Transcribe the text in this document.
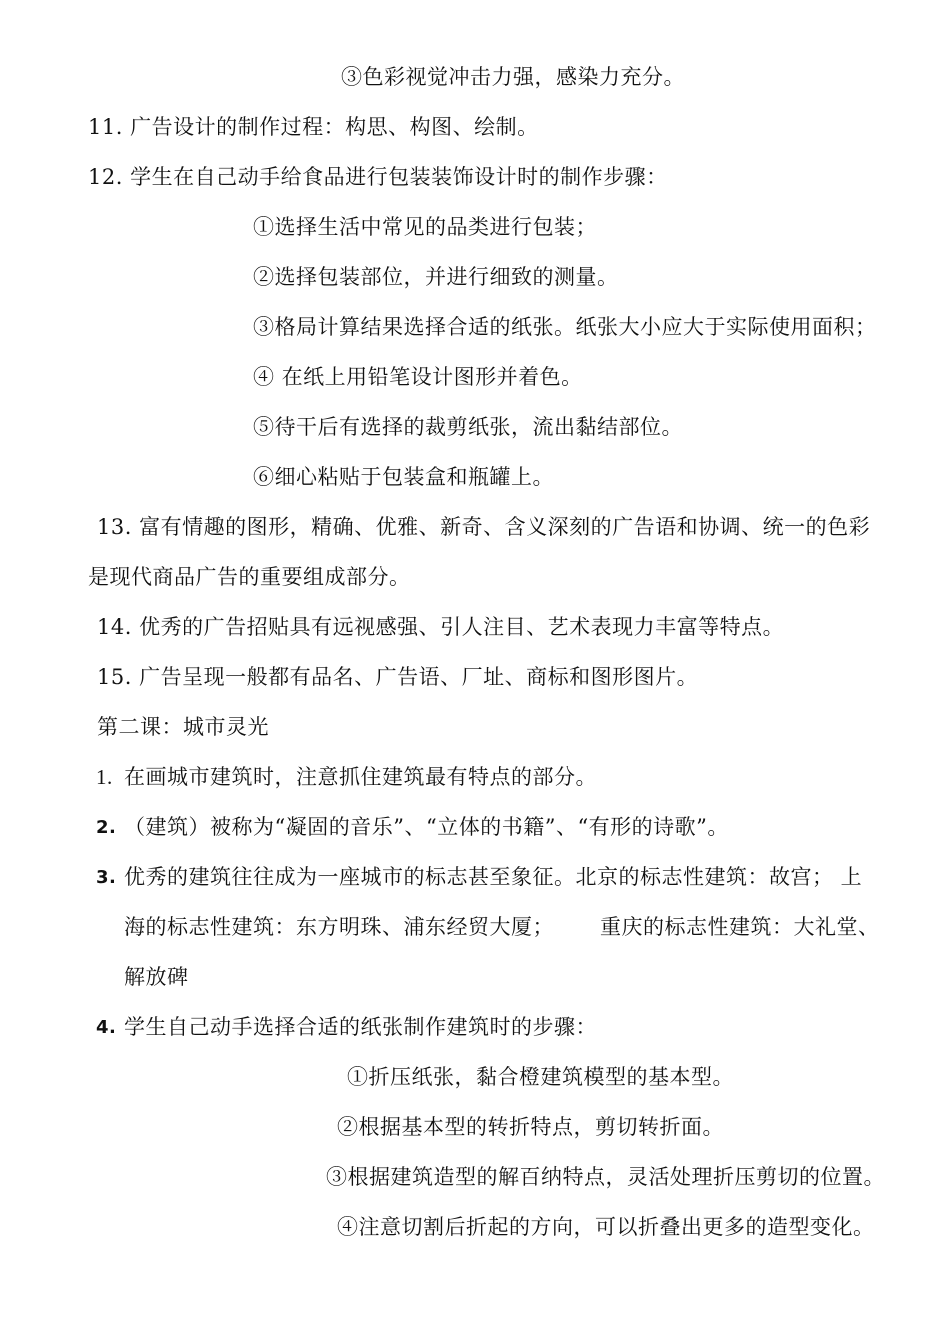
③色彩视觉冲击力强，感染力充分。
11. 广告设计的制作过程：构思、构图、绘制。
12. 学生在自己动手给食品进行包装装饰设计时的制作步骤：
①选择生活中常见的品类进行包装；
②选择包装部位，并进行细致的测量。
③格局计算结果选择合适的纸张。纸张大小应大于实际使用面积；
④ 在纸上用铅笔设计图形并着色。
⑤待干后有选择的裁剪纸张，流出黏结部位。
⑥细心粘贴于包装盒和瓶罐上。
13. 富有情趣的图形，精确、优雅、新奇、含义深刻的广告语和协调、统一的色彩
是现代商品广告的重要组成部分。
14. 优秀的广告招贴具有远视感强、引人注目、艺术表现力丰富等特点。
15. 广告呈现一般都有品名、广告语、厂址、商标和图形图片。
第二课：城市灵光
1. 在画城市建筑时，注意抓住建筑最有特点的部分。
2. （建筑）被称为“凝固的音乐”、“立体的书籍”、“有形的诗歌”。
3. 优秀的建筑往往成为一座城市的标志甚至象征。北京的标志性建筑：故宫； 上
海的标志性建筑：东方明珠、浦东经贸大厦； 重庆的标志性建筑：大礼堂、
解放碑
4. 学生自己动手选择合适的纸张制作建筑时的步骤：
①折压纸张，黏合橙建筑模型的基本型。
②根据基本型的转折特点，剪切转折面。
③根据建筑造型的解百纳特点，灵活处理折压剪切的位置。
④注意切割后折起的方向，可以折叠出更多的造型变化。
